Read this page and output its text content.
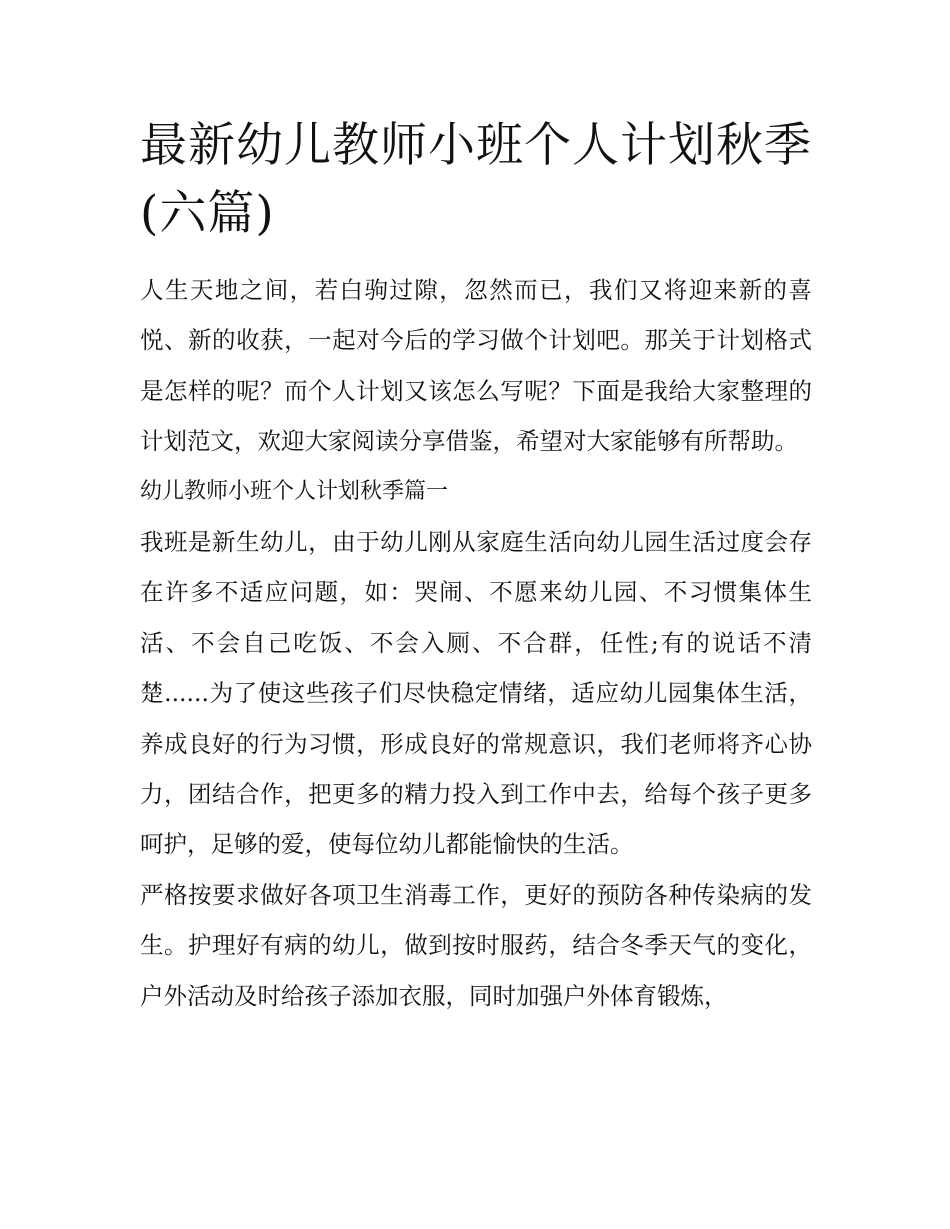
最新幼儿教师小班个人计划秋季(六篇)

人生天地之间，若白驹过隙，忽然而已，我们又将迎来新的喜悦、新的收获，一起对今后的学习做个计划吧。那关于计划格式是怎样的呢？而个人计划又该怎么写呢？下面是我给大家整理的计划范文，欢迎大家阅读分享借鉴，希望对大家能够有所帮助。

幼儿教师小班个人计划秋季篇一

我班是新生幼儿，由于幼儿刚从家庭生活向幼儿园生活过度会存在许多不适应问题，如：哭闹、不愿来幼儿园、不习惯集体生活、不会自己吃饭、不会入厕、不合群，任性;有的说话不清楚......为了使这些孩子们尽快稳定情绪，适应幼儿园集体生活，养成良好的行为习惯，形成良好的常规意识，我们老师将齐心协力，团结合作，把更多的精力投入到工作中去，给每个孩子更多呵护，足够的爱，使每位幼儿都能愉快的生活。

严格按要求做好各项卫生消毒工作，更好的预防各种传染病的发生。护理好有病的幼儿，做到按时服药，结合冬季天气的变化，户外活动及时给孩子添加衣服，同时加强户外体育锻炼，
